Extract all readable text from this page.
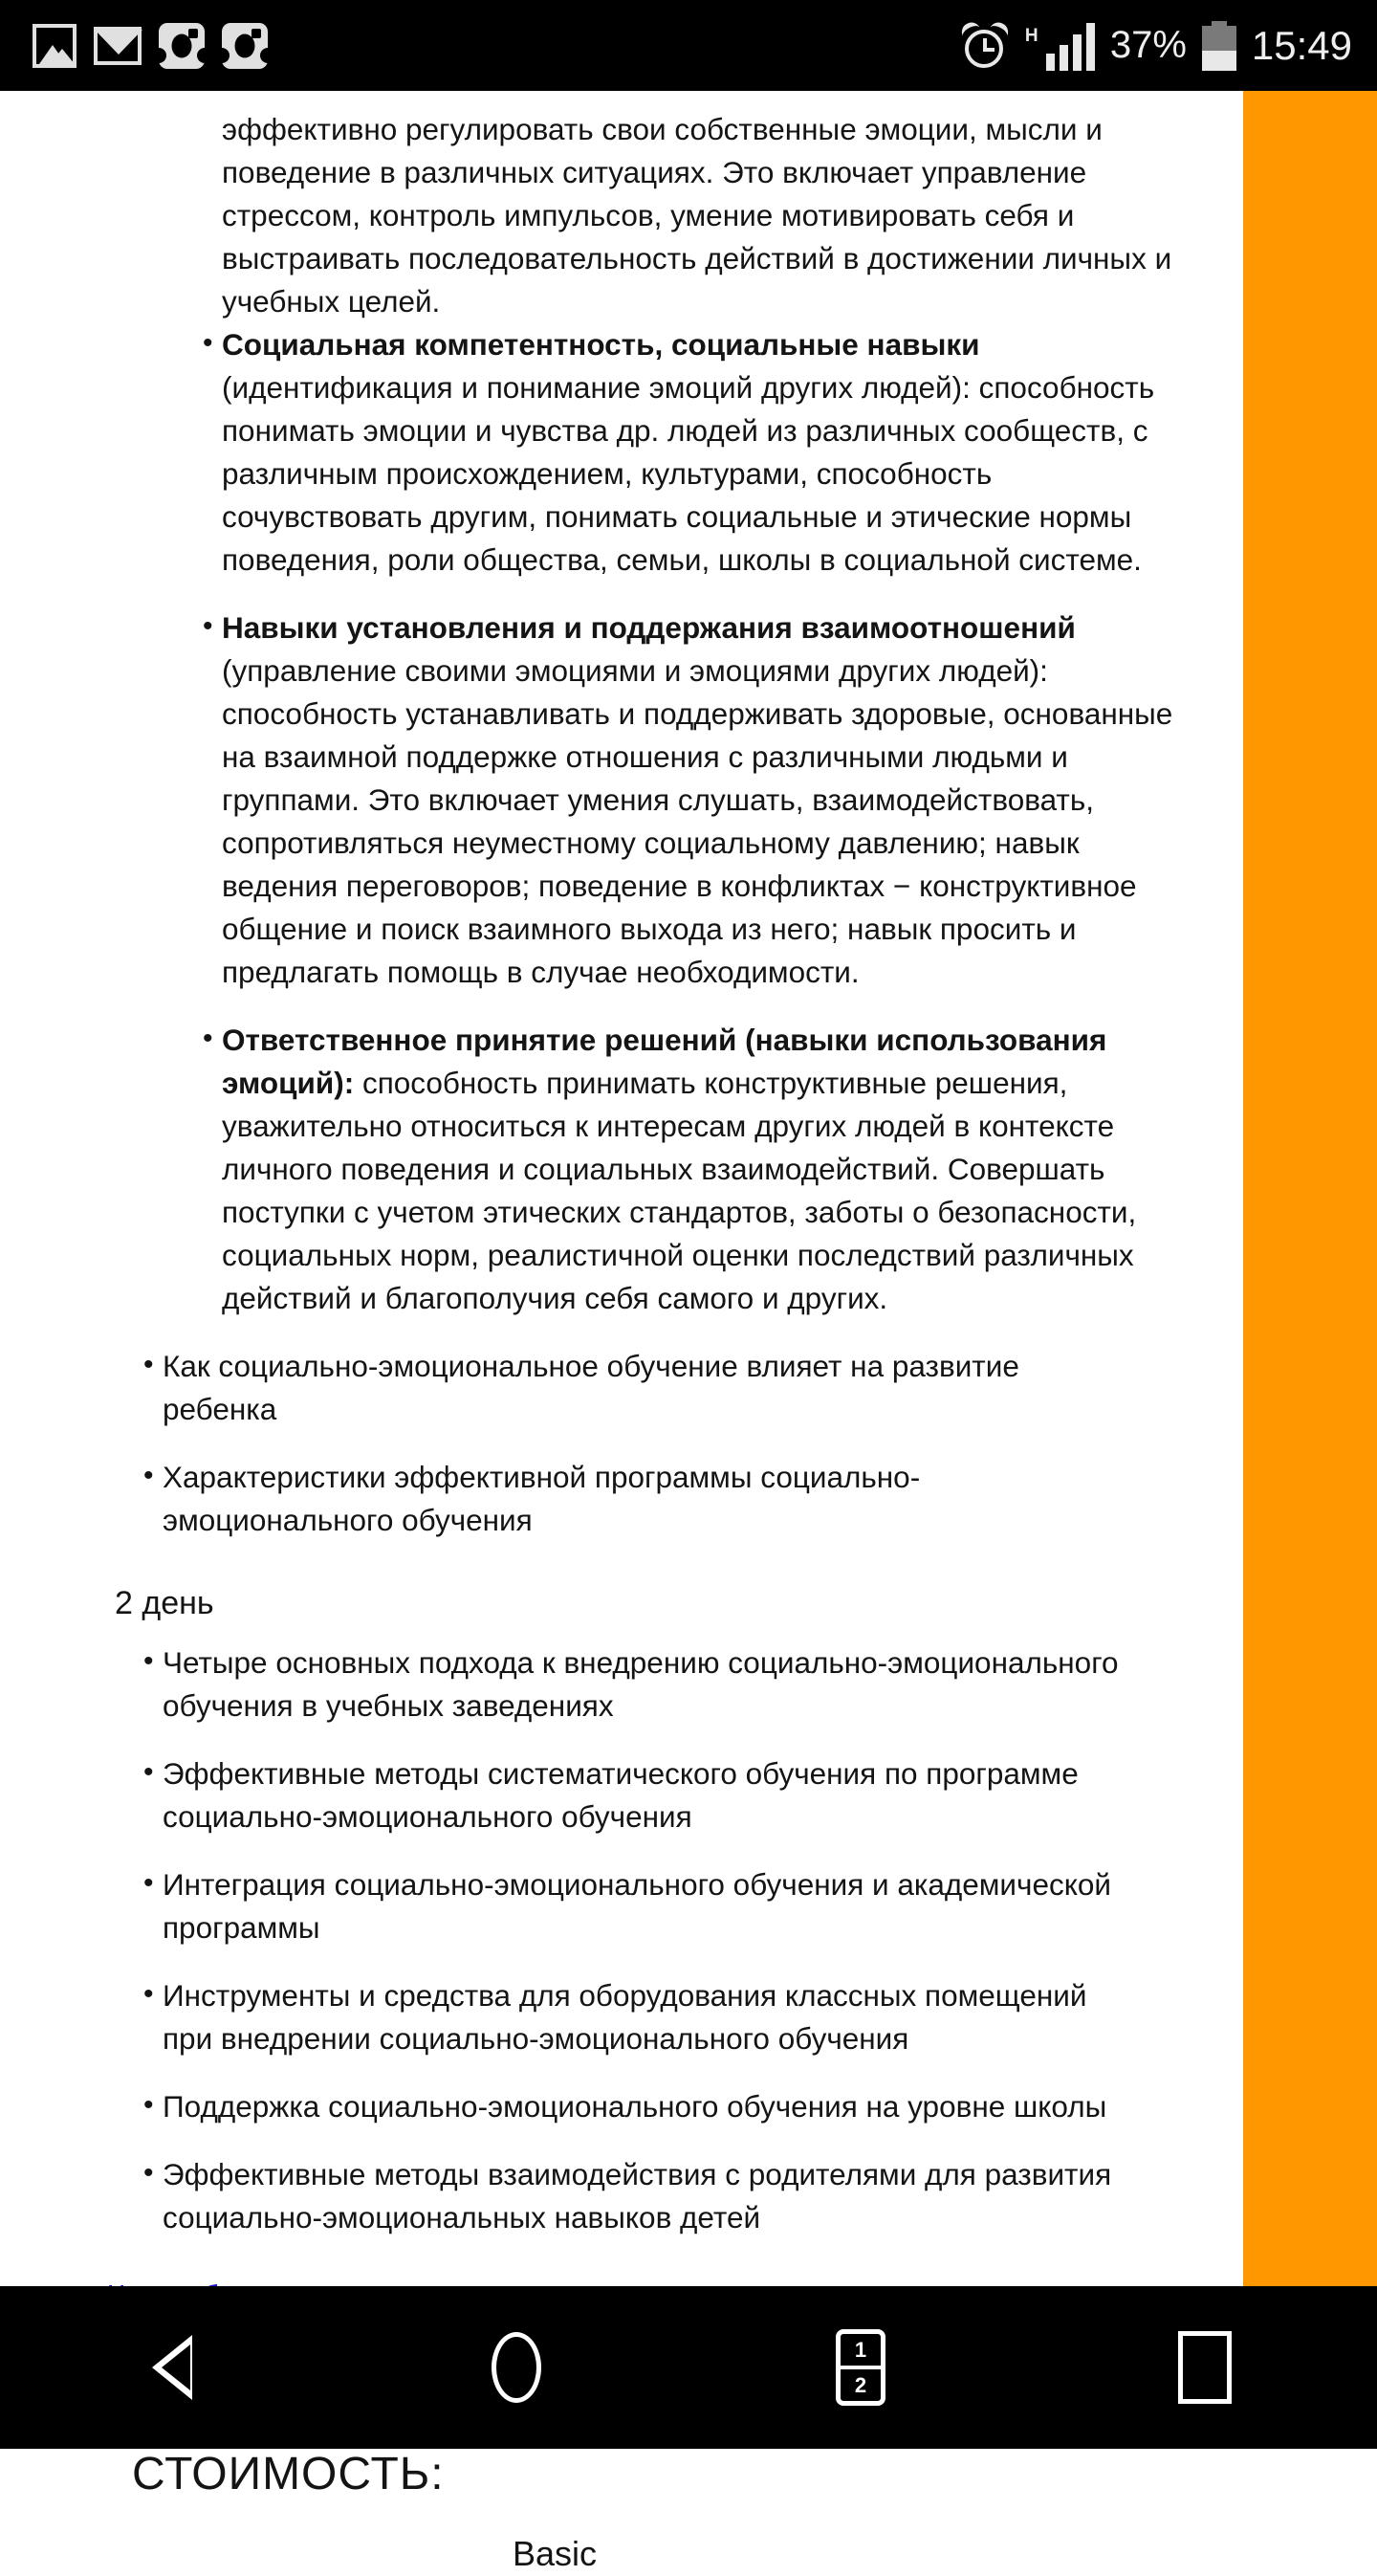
H 37% 15:49

эффективно регулировать свои собственные эмоции, мысли и поведение в различных ситуациях. Это включает управление стрессом, контроль импульсов, умение мотивировать себя и выстраивать последовательность действий в достижении личных и учебных целей.

• Социальная компетентность, социальные навыки (идентификация и понимание эмоций других людей): способность понимать эмоции и чувства др. людей из различных сообществ, с различным происхождением, культурами, способность сочувствовать другим, понимать социальные и этические нормы поведения, роли общества, семьи, школы в социальной системе.
• Навыки установления и поддержания взаимоотношений (управление своими эмоциями и эмоциями других людей): способность устанавливать и поддерживать здоровые, основанные на взаимной поддержке отношения с различными людьми и группами. Это включает умения слушать, взаимодействовать, сопротивляться неуместному социальному давлению; навык ведения переговоров; поведение в конфликтах − конструктивное общение и поиск взаимного выхода из него; навык просить и предлагать помощь в случае необходимости.
• Ответственное принятие решений (навыки использования эмоций): способность принимать конструктивные решения, уважительно относиться к интересам других людей в контексте личного поведения и социальных взаимодействий. Совершать поступки с учетом этических стандартов, заботы о безопасности, социальных норм, реалистичной оценки последствий различных действий и благополучия себя самого и других.
• Как социально-эмоциональное обучение влияет на развитие ребенка
• Характеристики эффективной программы социально-эмоционального обучения
2 день
• Четыре основных подхода к внедрению социально-эмоционального обучения в учебных заведениях
• Эффективные методы систематического обучения по программе социально-эмоционального обучения
• Интеграция социально-эмоционального обучения и академической программы
• Инструменты и средства для оборудования классных помещений при внедрении социально-эмоционального обучения
• Поддержка социально-эмоционального обучения на уровне школы
• Эффективные методы взаимодействия с родителями для развития социально-эмоциональных навыков детей
СТОИМОСТЬ:
Basic
1
2
